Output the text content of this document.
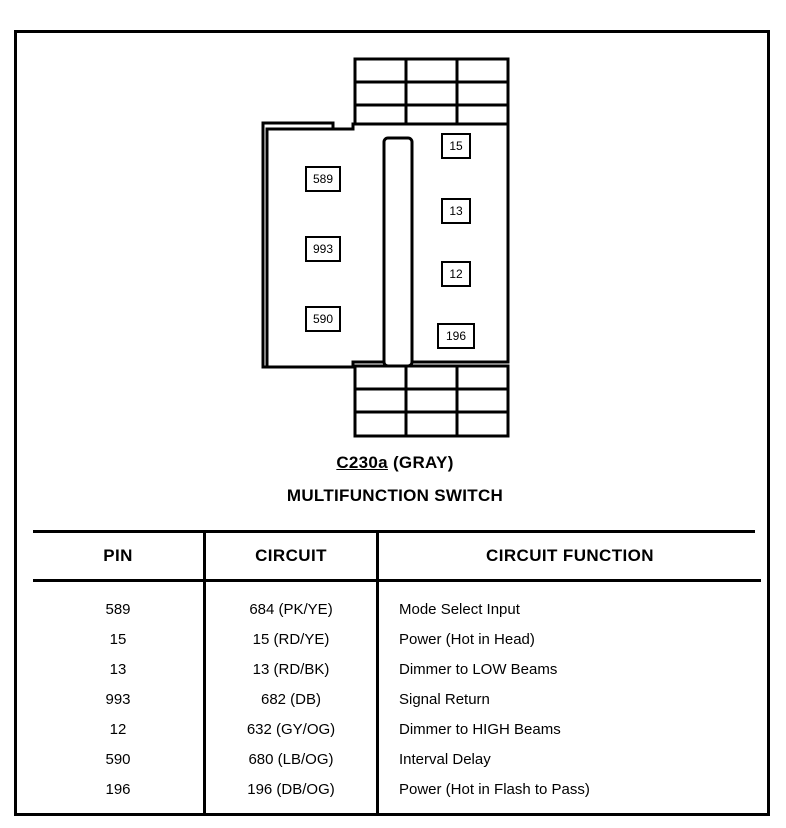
589
993
590
15
13
12
196
C230a (GRAY)
MULTIFUNCTION SWITCH
PIN	CIRCUIT	CIRCUIT FUNCTION
589	684 (PK/YE)	Mode Select Input
15	15 (RD/YE)	Power (Hot in Head)
13	13 (RD/BK)	Dimmer to LOW Beams
993	682 (DB)	Signal Return
12	632 (GY/OG)	Dimmer to HIGH Beams
590	680 (LB/OG)	Interval Delay
196	196 (DB/OG)	Power (Hot in Flash to Pass)
